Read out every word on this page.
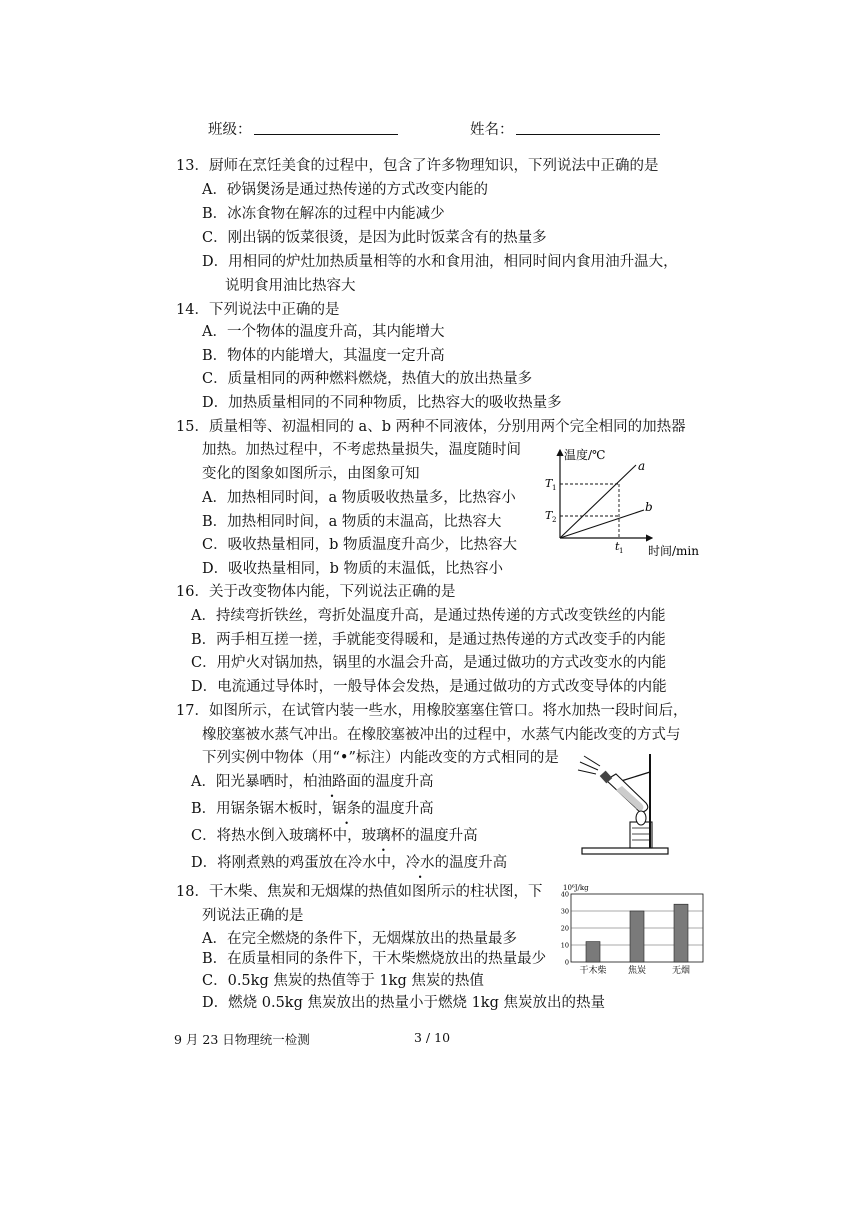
班级：	姓名：
13．厨师在烹饪美食的过程中，包含了许多物理知识，下列说法中正确的是
A．砂锅煲汤是通过热传递的方式改变内能的
B．冰冻食物在解冻的过程中内能减少
C．刚出锅的饭菜很烫，是因为此时饭菜含有的热量多
D．用相同的炉灶加热质量相等的水和食用油，相同时间内食用油升温大，
说明食用油比热容大
14．下列说法中正确的是
A．一个物体的温度升高，其内能增大
B．物体的内能增大，其温度一定升高
C．质量相同的两种燃料燃烧，热值大的放出热量多
D．加热质量相同的不同种物质，比热容大的吸收热量多
15．质量相等、初温相同的 a、b 两种不同液体，分别用两个完全相同的加热器
加热。加热过程中，不考虑热量损失，温度随时间
变化的图象如图所示，由图象可知
A．加热相同时间，a 物质吸收热量多，比热容小
B．加热相同时间，a 物质的末温高，比热容大
C．吸收热量相同，b 物质温度升高少，比热容大
D．吸收热量相同，b 物质的末温低，比热容小
温度/℃
时间/min
a
b
T 1
T 2
t 1
16．关于改变物体内能，下列说法正确的是
A．持续弯折铁丝，弯折处温度升高，是通过热传递的方式改变铁丝的内能
B．两手相互搓一搓，手就能变得暖和，是通过热传递的方式改变手的内能
C．用炉火对锅加热，锅里的水温会升高，是通过做功的方式改变水的内能
D．电流通过导体时，一般导体会发热，是通过做功的方式改变导体的内能
17．如图所示，在试管内装一些水，用橡胶塞塞住管口。将水加热一段时间后，
橡胶塞被水蒸气冲出。在橡胶塞被冲出的过程中，水蒸气内能改变的方式与
下列实例中物体（用“•”标注）内能改变的方式相同的是
A．阳光暴晒时，柏油路面的温度升高
B．用锯条锯木板时，锯条的温度升高
C．将热水倒入玻璃杯中，玻璃杯的温度升高
D．将刚煮熟的鸡蛋放在冷水中，冷水的温度升高
18．干木柴、焦炭和无烟煤的热值如图所示的柱状图，下
列说法正确的是
A．在完全燃烧的条件下，无烟煤放出的热量最多
B．在质量相同的条件下，干木柴燃烧放出的热量最少
C．0.5kg 焦炭的热值等于 1kg 焦炭的热值
D．燃烧 0.5kg 焦炭放出的热量小于燃烧 1kg 焦炭放出的热量
10⁶J/kg
40
30
20
10
0
干木柴 焦炭	无烟
9 月 23 日物理统一检测	3 / 10
